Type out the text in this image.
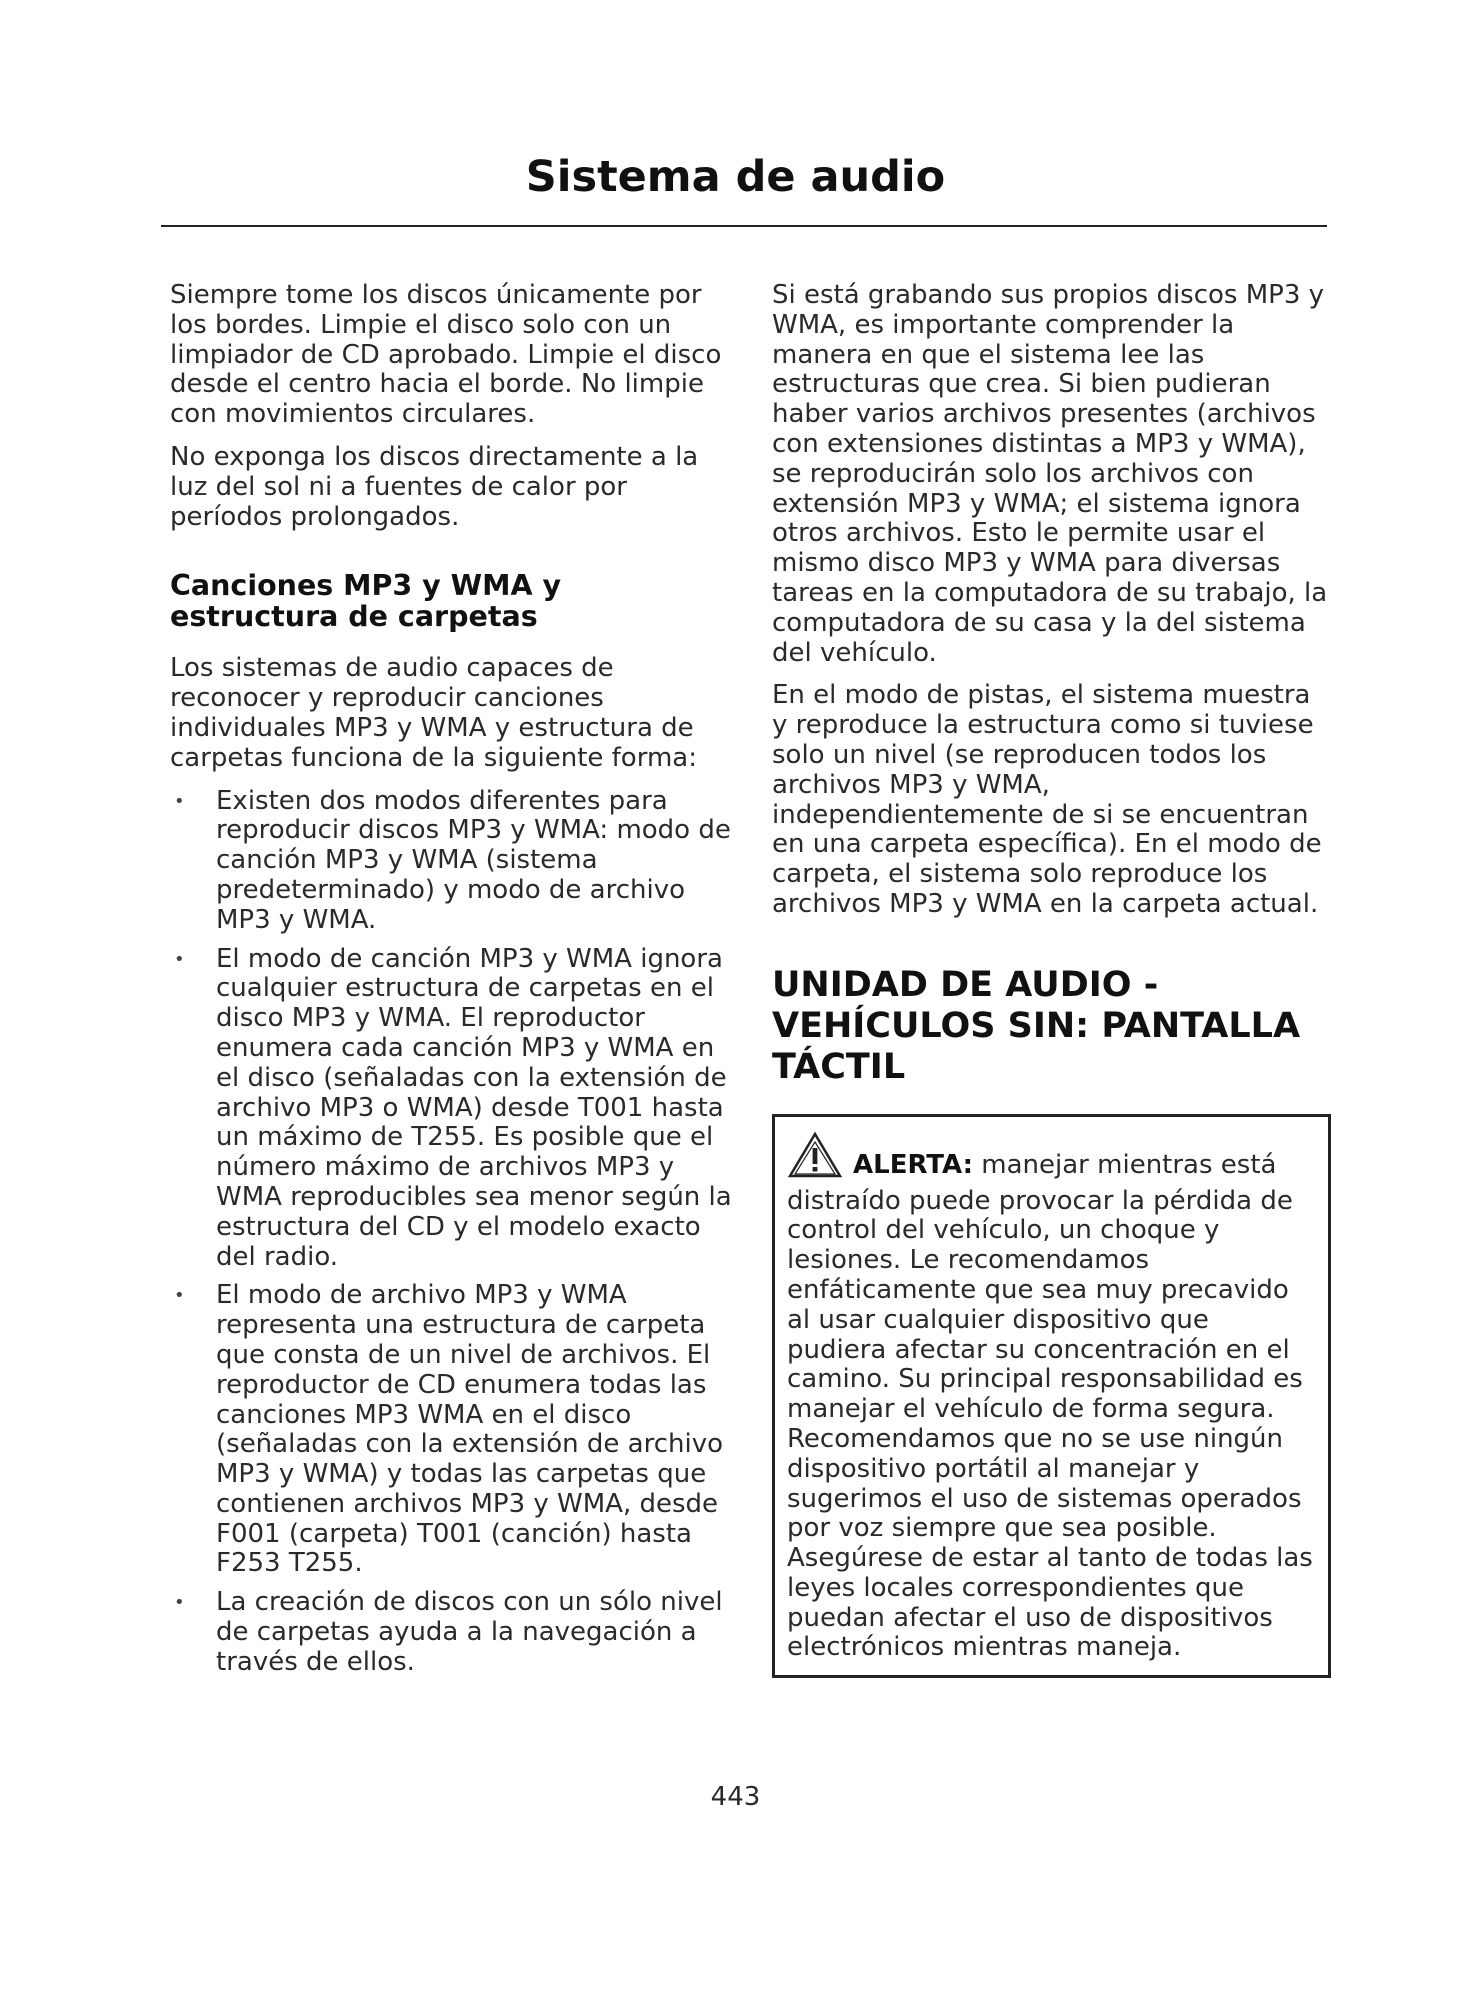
Sistema de audio

Siempre tome los discos únicamente por los bordes. Limpie el disco solo con un limpiador de CD aprobado. Limpie el disco desde el centro hacia el borde. No limpie con movimientos circulares.

No exponga los discos directamente a la luz del sol ni a fuentes de calor por períodos prolongados.

Canciones MP3 y WMA y estructura de carpetas

Los sistemas de audio capaces de reconocer y reproducir canciones individuales MP3 y WMA y estructura de carpetas funciona de la siguiente forma:

• Existen dos modos diferentes para reproducir discos MP3 y WMA: modo de canción MP3 y WMA (sistema predeterminado) y modo de archivo MP3 y WMA.
• El modo de canción MP3 y WMA ignora cualquier estructura de carpetas en el disco MP3 y WMA. El reproductor enumera cada canción MP3 y WMA en el disco (señaladas con la extensión de archivo MP3 o WMA) desde T001 hasta un máximo de T255. Es posible que el número máximo de archivos MP3 y WMA reproducibles sea menor según la estructura del CD y el modelo exacto del radio.
• El modo de archivo MP3 y WMA representa una estructura de carpeta que consta de un nivel de archivos. El reproductor de CD enumera todas las canciones MP3 WMA en el disco (señaladas con la extensión de archivo MP3 y WMA) y todas las carpetas que contienen archivos MP3 y WMA, desde F001 (carpeta) T001 (canción) hasta F253 T255.
• La creación de discos con un sólo nivel de carpetas ayuda a la navegación a través de ellos.

Si está grabando sus propios discos MP3 y WMA, es importante comprender la manera en que el sistema lee las estructuras que crea. Si bien pudieran haber varios archivos presentes (archivos con extensiones distintas a MP3 y WMA), se reproducirán solo los archivos con extensión MP3 y WMA; el sistema ignora otros archivos. Esto le permite usar el mismo disco MP3 y WMA para diversas tareas en la computadora de su trabajo, la computadora de su casa y la del sistema del vehículo.

En el modo de pistas, el sistema muestra y reproduce la estructura como si tuviese solo un nivel (se reproducen todos los archivos MP3 y WMA, independientemente de si se encuentran en una carpeta específica). En el modo de carpeta, el sistema solo reproduce los archivos MP3 y WMA en la carpeta actual.

UNIDAD DE AUDIO - VEHÍCULOS SIN: PANTALLA TÁCTIL

ALERTA: manejar mientras está distraído puede provocar la pérdida de control del vehículo, un choque y lesiones. Le recomendamos enfáticamente que sea muy precavido al usar cualquier dispositivo que pudiera afectar su concentración en el camino. Su principal responsabilidad es manejar el vehículo de forma segura. Recomendamos que no se use ningún dispositivo portátil al manejar y sugerimos el uso de sistemas operados por voz siempre que sea posible. Asegúrese de estar al tanto de todas las leyes locales correspondientes que puedan afectar el uso de dispositivos electrónicos mientras maneja.

443
